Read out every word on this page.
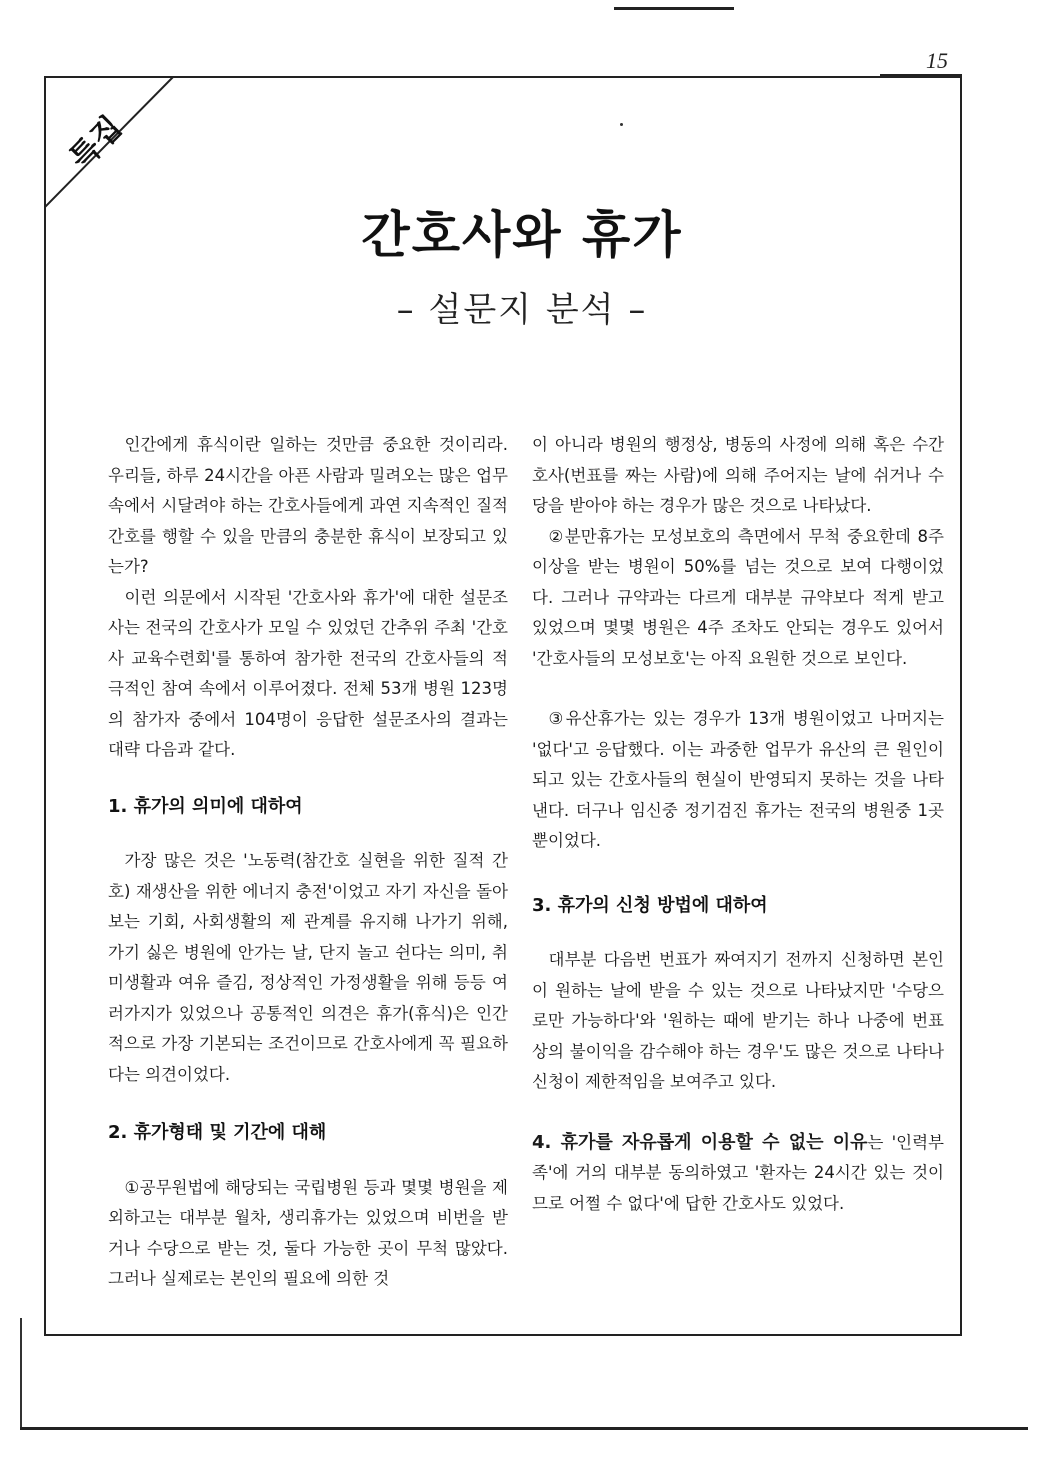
15
특집
간호사와 휴가
– 설문지 분석 –

인간에게 휴식이란 일하는 것만큼 중요한 것이리라. 우리들, 하루 24시간을 아픈 사람과 밀려오는 많은 업무 속에서 시달려야 하는 간호사들에게 과연 지속적인 질적 간호를 행할 수 있을 만큼의 충분한 휴식이 보장되고 있는가?

이런 의문에서 시작된 '간호사와 휴가'에 대한 설문조사는 전국의 간호사가 모일 수 있었던 간추위 주최 '간호사 교육수련회'를 통하여 참가한 전국의 간호사들의 적극적인 참여 속에서 이루어졌다. 전체 53개 병원 123명의 참가자 중에서 104명이 응답한 설문조사의 결과는 대략 다음과 같다.

1. 휴가의 의미에 대하여

가장 많은 것은 '노동력(참간호 실현을 위한 질적 간호) 재생산을 위한 에너지 충전'이었고 자기 자신을 돌아보는 기회, 사회생활의 제 관계를 유지해 나가기 위해, 가기 싫은 병원에 안가는 날, 단지 놀고 쉰다는 의미, 취미생활과 여유 즐김, 정상적인 가정생활을 위해 등등 여러가지가 있었으나 공통적인 의견은 휴가(휴식)은 인간적으로 가장 기본되는 조건이므로 간호사에게 꼭 필요하다는 의견이었다.

2. 휴가형태 및 기간에 대해

①공무원법에 해당되는 국립병원 등과 몇몇 병원을 제외하고는 대부분 월차, 생리휴가는 있었으며 비번을 받거나 수당으로 받는 것, 둘다 가능한 곳이 무척 많았다. 그러나 실제로는 본인의 필요에 의한 것

이 아니라 병원의 행정상, 병동의 사정에 의해 혹은 수간호사(번표를 짜는 사람)에 의해 주어지는 날에 쉬거나 수당을 받아야 하는 경우가 많은 것으로 나타났다.

②분만휴가는 모성보호의 측면에서 무척 중요한데 8주 이상을 받는 병원이 50%를 넘는 것으로 보여 다행이었다. 그러나 규약과는 다르게 대부분 규약보다 적게 받고 있었으며 몇몇 병원은 4주 조차도 안되는 경우도 있어서 '간호사들의 모성보호'는 아직 요원한 것으로 보인다.

③유산휴가는 있는 경우가 13개 병원이었고 나머지는 '없다'고 응답했다. 이는 과중한 업무가 유산의 큰 원인이 되고 있는 간호사들의 현실이 반영되지 못하는 것을 나타낸다. 더구나 임신중 정기검진 휴가는 전국의 병원중 1곳 뿐이었다.

3. 휴가의 신청 방법에 대하여

대부분 다음번 번표가 짜여지기 전까지 신청하면 본인이 원하는 날에 받을 수 있는 것으로 나타났지만 '수당으로만 가능하다'와 '원하는 때에 받기는 하나 나중에 번표상의 불이익을 감수해야 하는 경우'도 많은 것으로 나타나 신청이 제한적임을 보여주고 있다.

4. 휴가를 자유롭게 이용할 수 없는 이유는 '인력부족'에 거의 대부분 동의하였고 '환자는 24시간 있는 것이므로 어쩔 수 없다'에 답한 간호사도 있었다.
